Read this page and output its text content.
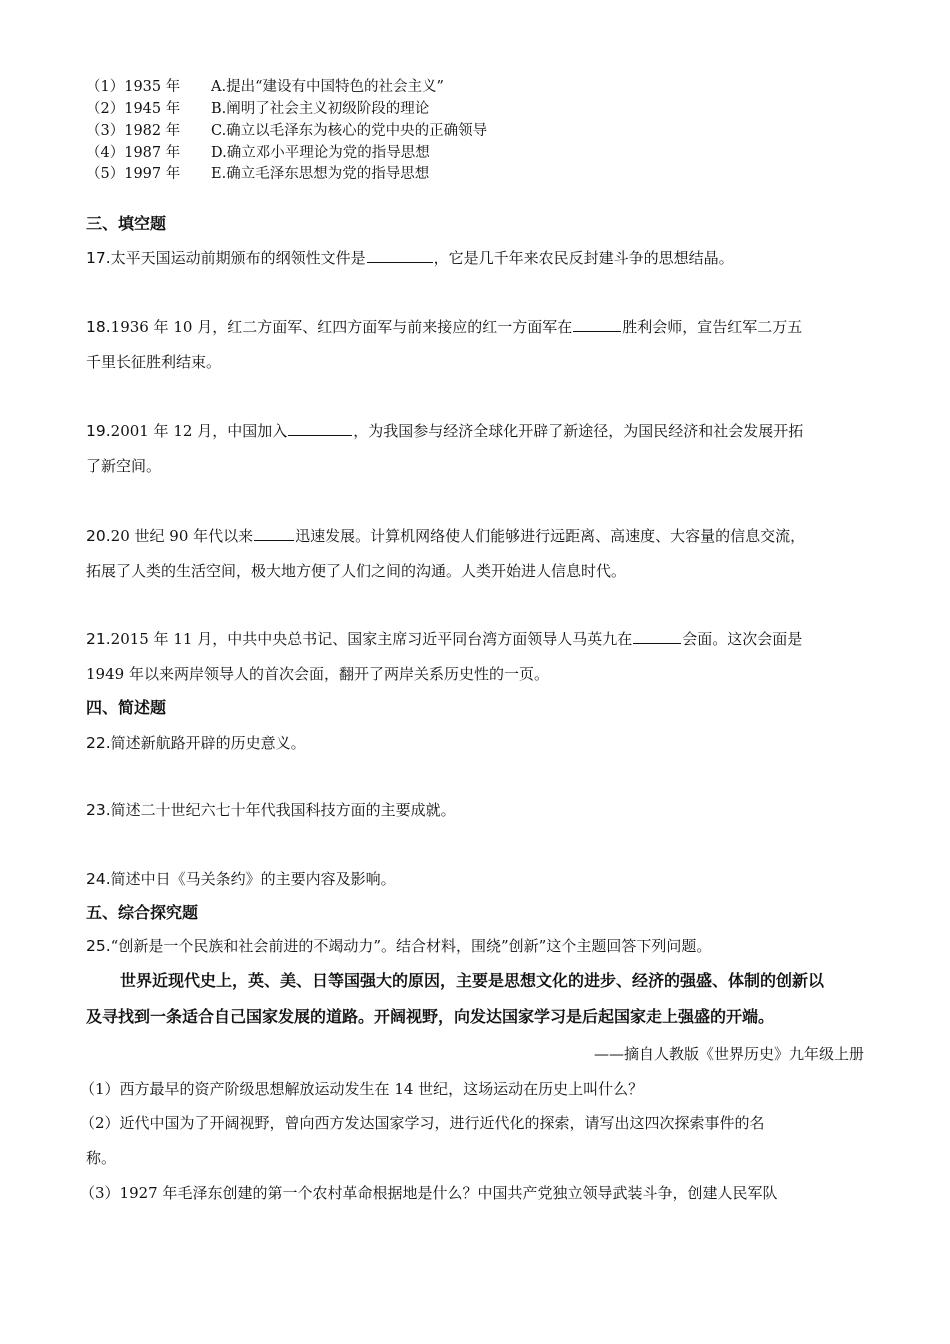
（1）1935 年 A.提出“建设有中国特色的社会主义”
（2）1945 年 B.阐明了社会主义初级阶段的理论
（3）1982 年 C.确立以毛泽东为核心的党中央的正确领导
（4）1987 年 D.确立邓小平理论为党的指导思想
（5）1997 年 E.确立毛泽东思想为党的指导思想
三、填空题
17.太平天国运动前期颁布的纲领性文件是	，它是几千年来农民反封建斗争的思想结晶。
18.1936 年 10 月，红二方面军、红四方面军与前来接应的红一方面军在	胜利会师，宣告红军二万五
千里长征胜利结束。
19.2001 年 12 月，中国加入	，为我国参与经济全球化开辟了新途径，为国民经济和社会发展开拓
了新空间。
20.20 世纪 90 年代以来	迅速发展。计算机网络使人们能够进行远距离、高速度、大容量的信息交流，
拓展了人类的生活空间，极大地方便了人们之间的沟通。人类开始进人信息时代。
21.2015 年 11 月，中共中央总书记、国家主席习近平同台湾方面领导人马英九在	会面。这次会面是
1949 年以来两岸领导人的首次会面，翻开了两岸关系历史性的一页。
四、简述题
22.简述新航路开辟的历史意义。
23.简述二十世纪六七十年代我国科技方面的主要成就。
24.简述中日《马关条约》的主要内容及影响。
五、综合探究题
25.“创新是一个民族和社会前进的不竭动力”。结合材料，围绕”创新”这个主题回答下列问题。
世界近现代史上，英、美、日等国强大的原因，主要是思想文化的进步、经济的强盛、体制的创新以
及寻找到一条适合自己国家发展的道路。开阔视野，向发达国家学习是后起国家走上强盛的开端。
——摘自人教版《世界历史》九年级上册
（1）西方最早的资产阶级思想解放运动发生在 14 世纪，这场运动在历史上叫什么？
（2）近代中国为了开阔视野，曾向西方发达国家学习，进行近代化的探索，请写出这四次探索事件的名
称。
（3）1927 年毛泽东创建的第一个农村革命根据地是什么？中国共产党独立领导武装斗争，创建人民军队
